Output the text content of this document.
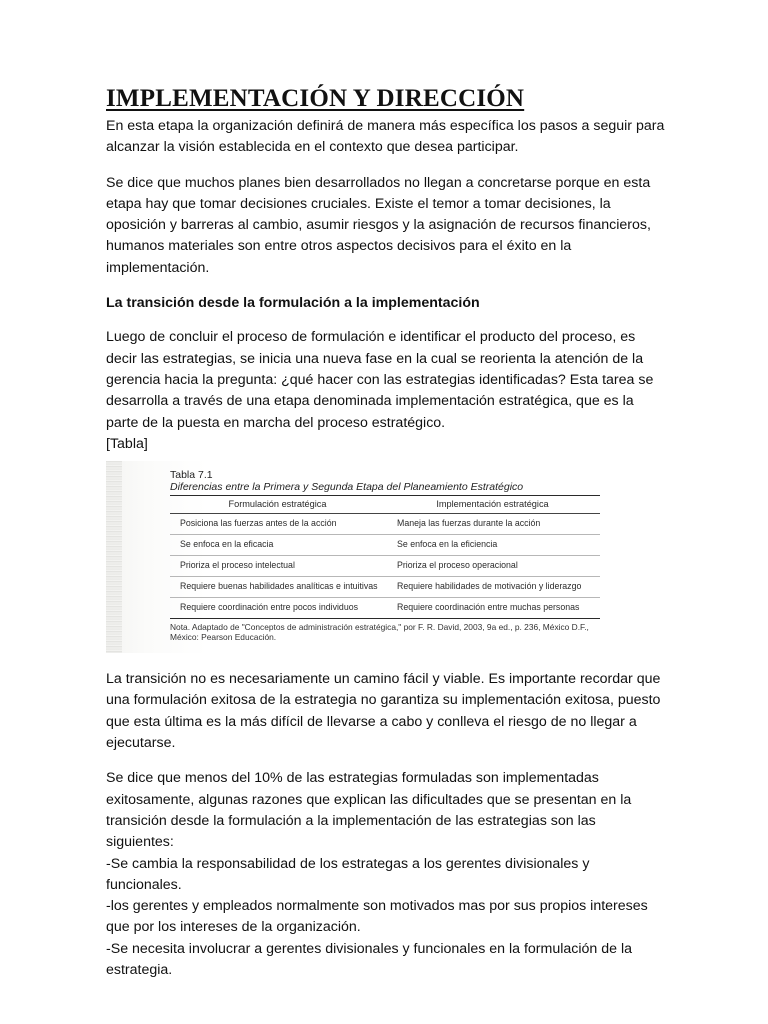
IMPLEMENTACIÓN Y DIRECCIÓN

En esta etapa la organización definirá de manera más específica los pasos a seguir para alcanzar la visión establecida en el contexto que desea participar.

Se dice que muchos planes bien desarrollados no llegan a concretarse porque en esta etapa hay que tomar decisiones cruciales. Existe el temor a tomar decisiones, la oposición y barreras al cambio, asumir riesgos y la asignación de recursos financieros, humanos materiales son entre otros aspectos decisivos para el éxito en la implementación.

La transición desde la formulación a la implementación

Luego de concluir el proceso de formulación e identificar el producto del proceso, es decir las estrategias, se inicia una nueva fase en la cual se reorienta la atención de la gerencia hacia la pregunta: ¿qué hacer con las estrategias identificadas? Esta tarea se desarrolla a través de una etapa denominada implementación estratégica, que es la parte de la puesta en marcha del proceso estratégico.

[Tabla]

Tabla 7.1
Diferencias entre la Primera y Segunda Etapa del Planeamiento Estratégico
Formulación estratégica	Implementación estratégica
Posiciona las fuerzas antes de la acción	Maneja las fuerzas durante la acción
Se enfoca en la eficacia	Se enfoca en la eficiencia
Prioriza el proceso intelectual	Prioriza el proceso operacional
Requiere buenas habilidades analíticas e intuitivas	Requiere habilidades de motivación y liderazgo
Requiere coordinación entre pocos individuos	Requiere coordinación entre muchas personas
Nota. Adaptado de "Conceptos de administración estratégica," por F. R. David, 2003, 9a ed., p. 236, México D.F., México: Pearson Educación.

La transición no es necesariamente un camino fácil y viable. Es importante recordar que una formulación exitosa de la estrategia no garantiza su implementación exitosa, puesto que esta última es la más difícil de llevarse a cabo y conlleva el riesgo de no llegar a ejecutarse.

Se dice que menos del 10% de las estrategias formuladas son implementadas exitosamente, algunas razones que explican las dificultades que se presentan en la transición desde la formulación a la implementación de las estrategias son las siguientes:

-Se cambia la responsabilidad de los estrategas a los gerentes divisionales y funcionales.

-los gerentes y empleados normalmente son motivados mas por sus propios intereses que por los intereses de la organización.

-Se necesita involucrar a gerentes divisionales y funcionales en la formulación de la estrategia.
